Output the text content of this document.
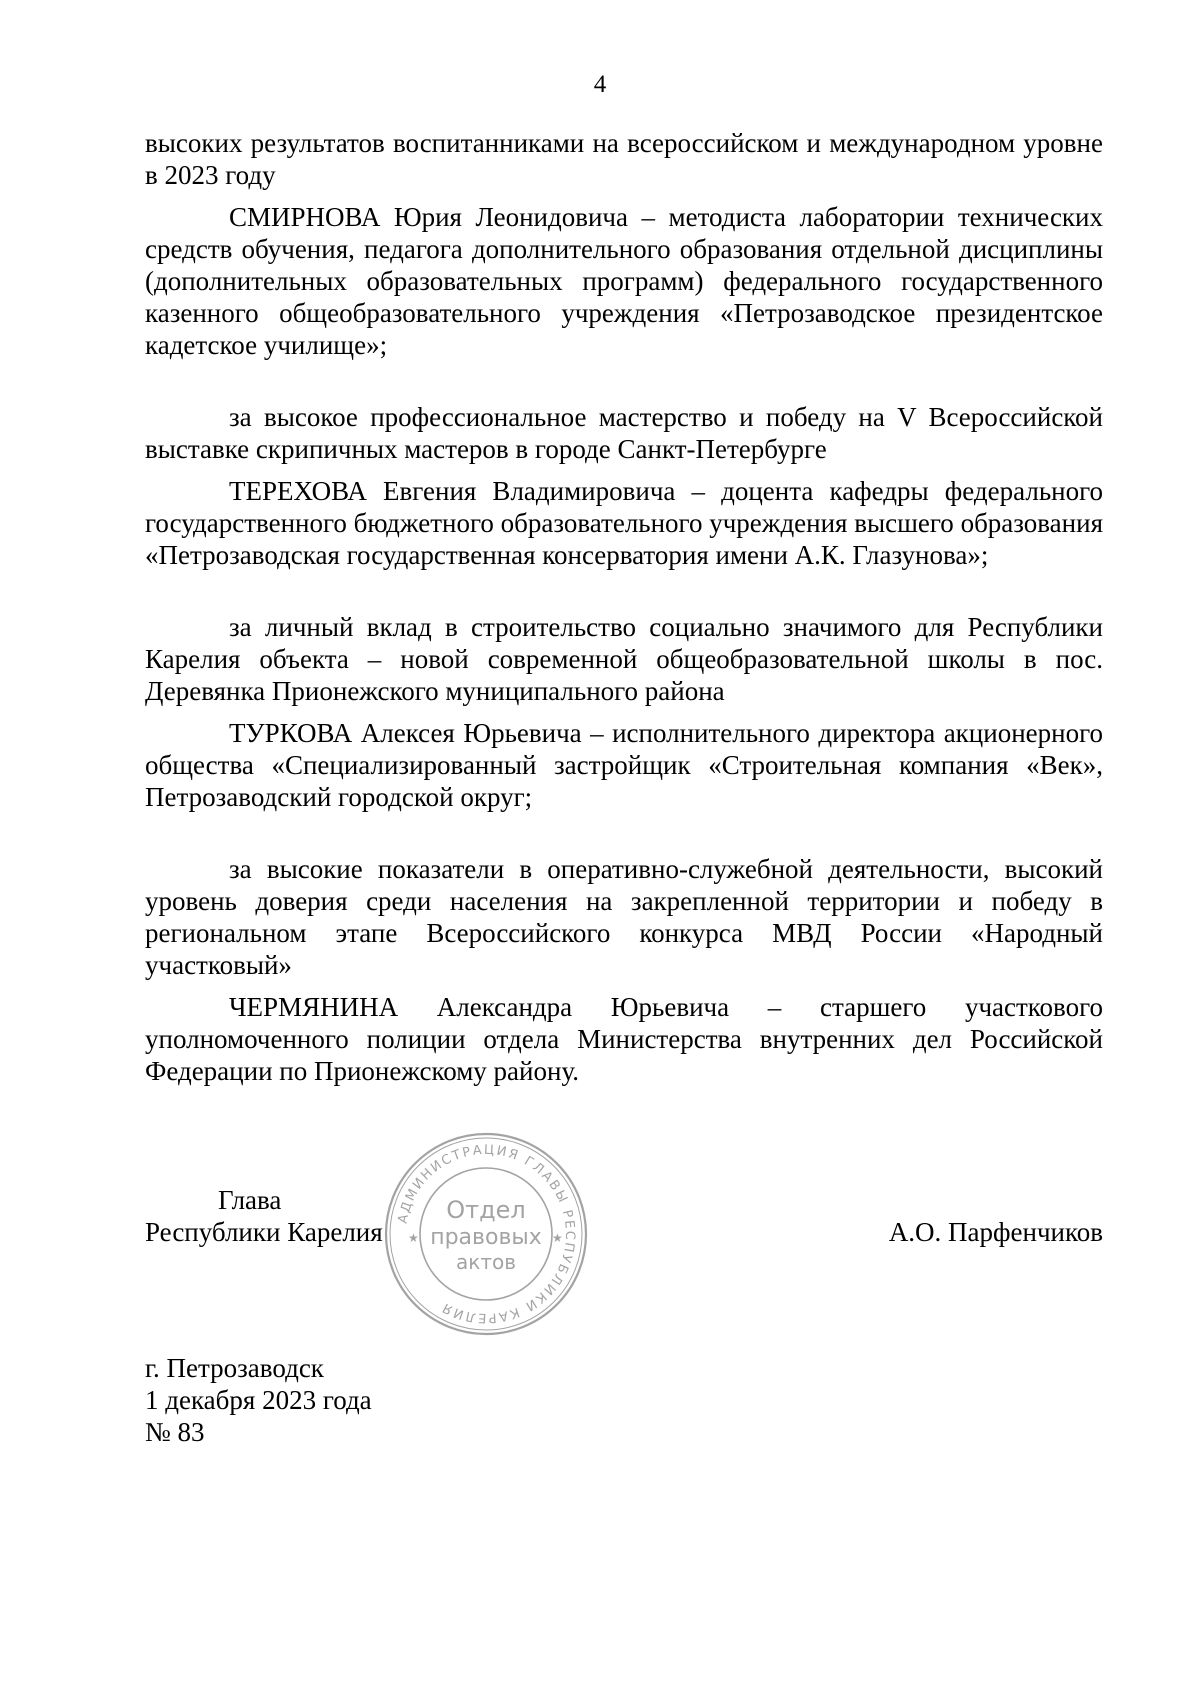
4

высоких результатов воспитанниками на всероссийском и международном уровне в 2023 году

СМИРНОВА Юрия Леонидовича – методиста лаборатории технических средств обучения, педагога дополнительного образования отдельной дисциплины (дополнительных образовательных программ) федерального государственного казенного общеобразовательного учреждения «Петрозаводское президентское кадетское училище»;

за высокое профессиональное мастерство и победу на V Всероссийской выставке скрипичных мастеров в городе Санкт-Петербурге

ТЕРЕХОВА Евгения Владимировича – доцента кафедры федерального государственного бюджетного образовательного учреждения высшего образования «Петрозаводская государственная консерватория имени А.К. Глазунова»;

за личный вклад в строительство социально значимого для Республики Карелия объекта – новой современной общеобразовательной школы в пос. Деревянка Прионежского муниципального района

ТУРКОВА Алексея Юрьевича – исполнительного директора акционерного общества «Специализированный застройщик «Строительная компания «Век», Петрозаводский городской округ;

за высокие показатели в оперативно-служебной деятельности, высокий уровень доверия среди населения на закрепленной территории и победу в региональном этапе Всероссийского конкурса МВД России «Народный участковый»

ЧЕРМЯНИНА Александра Юрьевича – старшего участкового уполномоченного полиции отдела Министерства внутренних дел Российской Федерации по Прионежскому району.

Глава
Республики Карелия	А.О. Парфенчиков
АДМИНИСТРАЦИЯ ГЛАВЫ РЕСПУБЛИКИ КАРЕЛИЯ
Отдел
правовых
актов
★	★
г. Петрозаводск
1 декабря 2023 года
№ 83
